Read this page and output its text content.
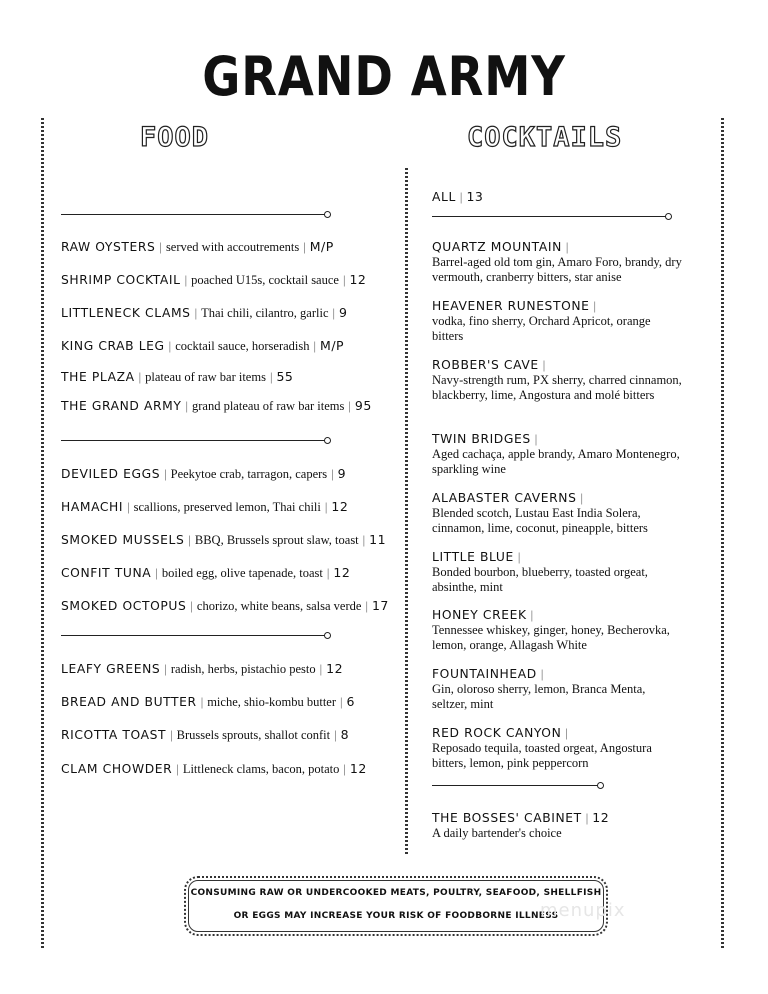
GRAND ARMY
FOOD	COCKTAILS
RAW OYSTERS | served with accoutrements | M/P
SHRIMP COCKTAIL | poached U15s, cocktail sauce | 12
LITTLENECK CLAMS | Thai chili, cilantro, garlic | 9
KING CRAB LEG | cocktail sauce, horseradish | M/P
THE PLAZA | plateau of raw bar items | 55
THE GRAND ARMY | grand plateau of raw bar items | 95
DEVILED EGGS | Peekytoe crab, tarragon, capers | 9
HAMACHI | scallions, preserved lemon, Thai chili | 12
SMOKED MUSSELS | BBQ, Brussels sprout slaw, toast | 11
CONFIT TUNA | boiled egg, olive tapenade, toast | 12
SMOKED OCTOPUS | chorizo, white beans, salsa verde | 17
LEAFY GREENS | radish, herbs, pistachio pesto | 12
BREAD AND BUTTER | miche, shio-kombu butter | 6
RICOTTA TOAST | Brussels sprouts, shallot confit | 8
CLAM CHOWDER | Littleneck clams, bacon, potato | 12
ALL | 13
QUARTZ MOUNTAIN |
Barrel-aged old tom gin, Amaro Foro, brandy, dry vermouth, cranberry bitters, star anise
HEAVENER RUNESTONE |
vodka, fino sherry, Orchard Apricot, orange bitters
ROBBER'S CAVE |
Navy-strength rum, PX sherry, charred cinnamon, blackberry, lime, Angostura and molé bitters
TWIN BRIDGES |
Aged cachaça, apple brandy, Amaro Montenegro, sparkling wine
ALABASTER CAVERNS |
Blended scotch, Lustau East India Solera, cinnamon, lime, coconut, pineapple, bitters
LITTLE BLUE |
Bonded bourbon, blueberry, toasted orgeat, absinthe, mint
HONEY CREEK |
Tennessee whiskey, ginger, honey, Becherovka, lemon, orange, Allagash White
FOUNTAINHEAD |
Gin, oloroso sherry, lemon, Branca Menta, seltzer, mint
RED ROCK CANYON |
Reposado tequila, toasted orgeat, Angostura bitters, lemon, pink peppercorn
THE BOSSES' CABINET | 12
A daily bartender's choice
CONSUMING RAW OR UNDERCOOKED MEATS, POULTRY, SEAFOOD, SHELLFISH
OR EGGS MAY INCREASE YOUR RISK OF FOODBORNE ILLNESS
menupix
